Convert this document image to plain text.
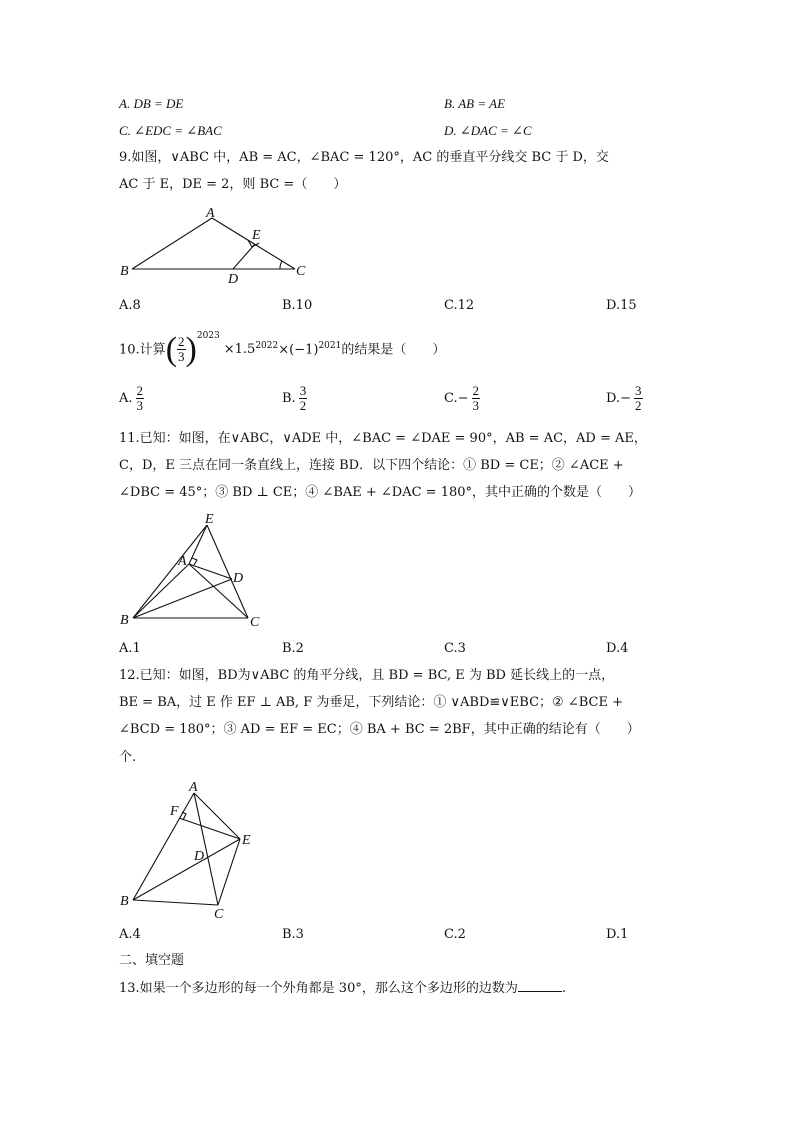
A. DB = DE	B. AB = AE
C. ∠EDC = ∠BAC	D. ∠DAC = ∠C
9.如图，∨ABC 中，AB = AC，∠BAC = 120°，AC 的垂直平分线交 BC 于 D，交
AC 于 E，DE = 2，则 BC =（　　）
A
B	C
D
E
A.8	B.10	C.12	D.15
10.计算( $\frac{2}{3} )^{2023}\times 1.5^{2022}\times(-1)^{2021}$的结果是（　　）
A. $\frac{2}{3}$	B. $\frac{3}{2}$	$C.- \frac{2}{3}$	$D.- \frac{3}{2}$
11.已知：如图，在∨ABC，∨ADE 中，∠BAC = ∠DAE = 90°，AB = AC，AD = AE，
C，D，E 三点在同一条直线上，连接 BD．以下四个结论：① BD = CE；② ∠ACE +
∠DBC = 45°；③ BD ⊥ CE；④ ∠BAE + ∠DAC = 180°，其中正确的个数是（　　）
E
A
D
B	C
A.1	B.2	C.3	D.4
12.已知：如图，BD为∨ABC 的角平分线，且 BD = BC, E 为 BD 延长线上的一点，
BE = BA，过 E 作 EF ⊥ AB, F 为垂足，下列结论：① ∨ABD≌∨EBC；② ∠BCE +
∠BCD = 180°；③ AD = EF = EC；④ BA + BC = 2BF，其中正确的结论有（　　）
个.
A
F
E
D
B
C
A.4	B.3	C.2	D.1
二、填空题
13.如果一个多边形的每一个外角都是 30°，那么这个多边形的边数为	.
